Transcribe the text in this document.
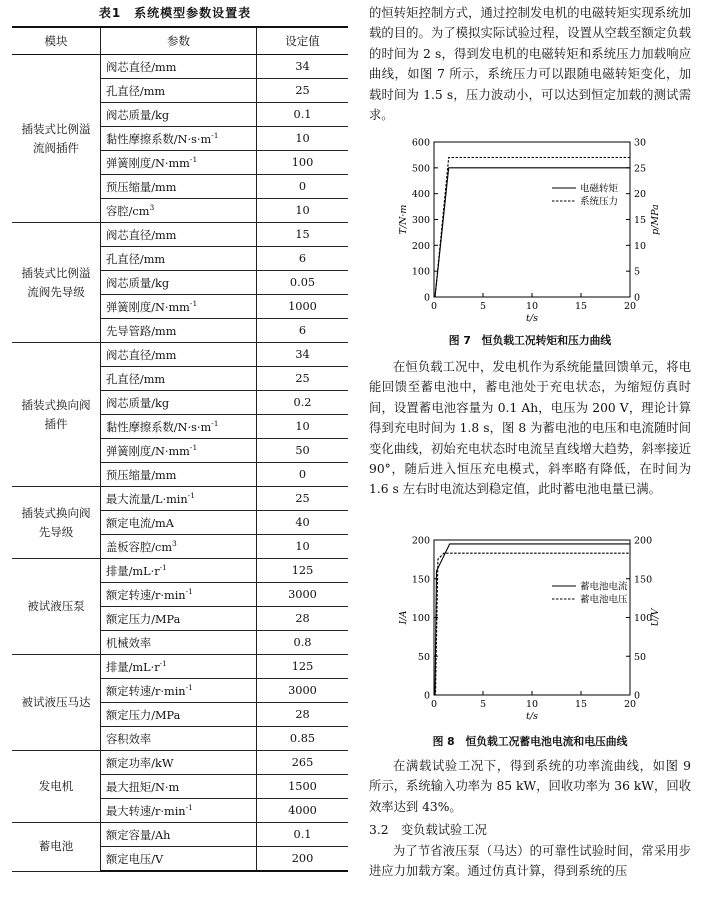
表1　系统模型参数设置表
模块	参数	设定值

插装式比例溢流阀插件	阀芯直径/mm	34
	孔直径/mm	25
	阀芯质量/kg	0.1
	黏性摩擦系数$/N\cdot s\cdot m^{-1}$	10
	弹簧刚度$/N\cdot mm^{-1}$	100
	预压缩量/mm	0
	容腔$/cm^3$	10

插装式比例溢流阀先导级	阀芯直径/mm	15
	孔直径/mm	6
	阀芯质量/kg	0.05
	弹簧刚度$/N\cdot mm^{-1}$	1000
	先导管路/mm	6

插装式换向阀插件	阀芯直径/mm	34
	孔直径/mm	25
	阀芯质量/kg	0.2
	黏性摩擦系数$/N\cdot s\cdot m^{-1}$	10
	弹簧刚度$/N\cdot mm^{-1}$	50
	预压缩量/mm	0

插装式换向阀先导级	最大流量$/L\cdot\min^{-1}$	25
	额定电流/mA	40
	盖板容腔$/cm^3$	10

被试液压泵	排量$/mL\cdot r^{-1}$	125
	额定转速$/r\cdot\min^{-1}$	3000
	额定压力/MPa	28
	机械效率	0.8

被试液压马达	排量$/mL\cdot r^{-1}$	125
	额定转速$/r\cdot\min^{-1}$	3000
	额定压力/MPa	28
	容积效率	0.85

发电机	额定功率/kW	265
	最大扭矩/N·m	1500
	最大转速$/r\cdot\min^{-1}$	4000

蓄电池	额定容量/Ah	0.1
	额定电压/V	200
的恒转矩控制方式，通过控制发电机的电磁转矩实现系统加载的目的。为了模拟实际试验过程，设置从空载至额定负载的时间为 2 s，得到发电机的电磁转矩和系统压力加载响应曲线，如图 7 所示，系统压力可以跟随电磁转矩变化，加载时间为 1.5 s，压力波动小，可以达到恒定加载的测试需求。
0	5	10	15	20
0
100
200
300
400
500
600
0
5
10
15
20
25
30
t/s
T/N·m	p/MPa
电磁转矩
系统压力
图 7　恒负载工况转矩和压力曲线
在恒负载工况中，发电机作为系统能量回馈单元，将电能回馈至蓄电池中，蓄电池处于充电状态，为缩短仿真时间，设置蓄电池容量为 0.1 Ah，电压为 200 V，理论计算得到充电时间为 1.8 s，图 8 为蓄电池的电压和电流随时间变化曲线，初始充电状态时电流呈直线增大趋势，斜率接近 90°，随后进入恒压充电模式，斜率略有降低，在时间为 1.6 s 左右时电流达到稳定值，此时蓄电池电量已满。
0	5	10	15	20
0
50
100
150
200
0
50
100
150
200
t/s
I/A	U/V
蓄电池电流
蓄电池电压
图 8　恒负载工况蓄电池电流和电压曲线
在满载试验工况下，得到系统的功率流曲线，如图 9 所示，系统输入功率为 85 kW，回收功率为 36 kW，回收效率达到 43%。
3.2　变负载试验工况
为了节省液压泵（马达）的可靠性试验时间，常采用步进应力加载方案。通过仿真计算，得到系统的压
